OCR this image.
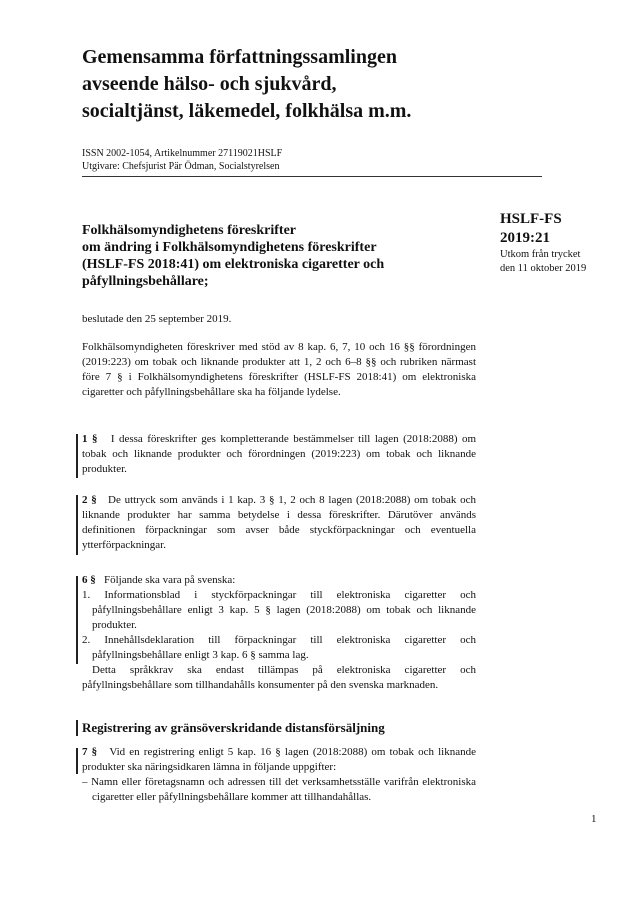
Gemensamma författningssamlingen
avseende hälso- och sjukvård,
socialtjänst, läkemedel, folkhälsa m.m.
ISSN 2002-1054, Artikelnummer 27119021HSLF
Utgivare: Chefsjurist Pär Ödman, Socialstyrelsen
HSLF-FS
2019:21
Utkom från trycket
den 11 oktober 2019
Folkhälsomyndighetens föreskrifter
om ändring i Folkhälsomyndighetens föreskrifter
(HSLF-FS 2018:41) om elektroniska cigaretter och
påfyllningsbehållare;
beslutade den 25 september 2019.
Folkhälsomyndigheten föreskriver med stöd av 8 kap. 6, 7, 10 och 16 §§ förordningen (2019:223) om tobak och liknande produkter att 1, 2 och 6–8 §§ och rubriken närmast före 7 § i Folkhälsomyndighetens föreskrifter (HSLF-FS 2018:41) om elektroniska cigaretter och påfyllningsbehållare ska ha följande lydelse.

1 § I dessa föreskrifter ges kompletterande bestämmelser till lagen (2018:2088) om tobak och liknande produkter och förordningen (2019:223) om tobak och liknande produkter.

2 § De uttryck som används i 1 kap. 3 § 1, 2 och 8 lagen (2018:2088) om tobak och liknande produkter har samma betydelse i dessa föreskrifter. Därutöver används definitionen förpackningar som avser både styckförpackningar och eventuella ytterförpackningar.

6 § Följande ska vara på svenska:

1. Informationsblad i styckförpackningar till elektroniska cigaretter och påfyllningsbehållare enligt 3 kap. 5 § lagen (2018:2088) om tobak och liknande produkter.
2. Innehållsdeklaration till förpackningar till elektroniska cigaretter och påfyllningsbehållare enligt 3 kap. 6 § samma lag.

Detta språkkrav ska endast tillämpas på elektroniska cigaretter och påfyllningsbehållare som tillhandahålls konsumenter på den svenska marknaden.

Registrering av gränsöverskridande distansförsäljning

7 § Vid en registrering enligt 5 kap. 16 § lagen (2018:2088) om tobak och liknande produkter ska näringsidkaren lämna in följande uppgifter:

– Namn eller företagsnamn och adressen till det verksamhetsställe varifrån elektroniska cigaretter eller påfyllningsbehållare kommer att tillhandahållas.
1
